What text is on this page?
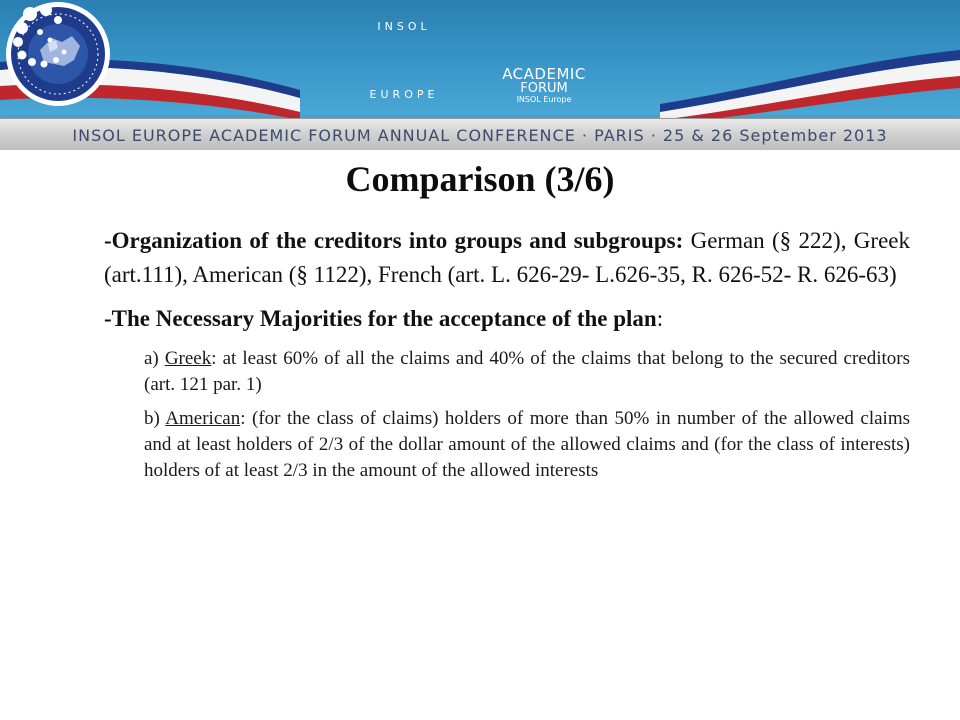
INSOL
EUROPE
ACADEMIC
FORUM
INSOL Europe
INSOL EUROPE ACADEMIC FORUM ANNUAL CONFERENCE · PARIS · 25 & 26 September 2013
Comparison (3/6)

-Organization of the creditors into groups and subgroups: German (§ 222), Greek (art.111), American (§ 1122), French (art. L. 626-29- L.626-35, R. 626-52- R. 626-63)

-The Necessary Majorities for the acceptance of the plan:

a) Greek: at least 60% of all the claims and 40% of the claims that belong to the secured creditors (art. 121 par. 1)
b) American: (for the class of claims) holders of more than 50% in number of the allowed claims and at least holders of 2/3 of the dollar amount of the allowed claims and (for the class of interests) holders of at least 2/3 in the amount of the allowed interests
